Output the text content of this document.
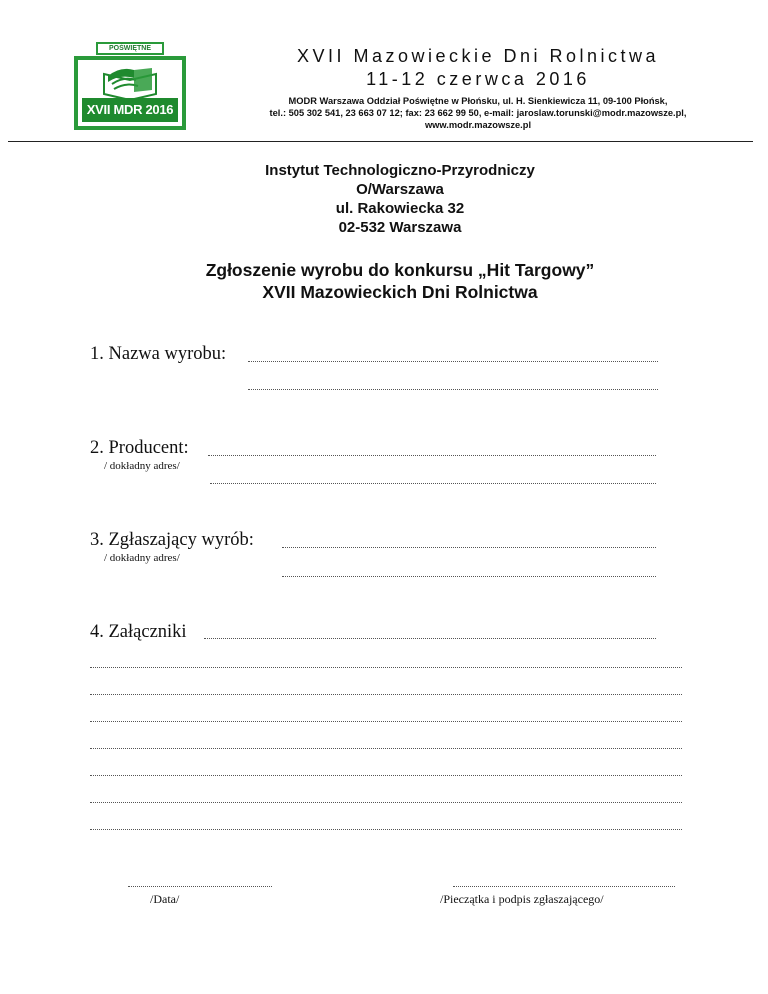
POŚWIĘTNE
XVII MDR 2016
XVII Mazowieckie Dni Rolnictwa
11-12 czerwca 2016
MODR Warszawa Oddział Poświętne w Płońsku, ul. H. Sienkiewicza 11, 09-100 Płońsk,
tel.: 505 302 541, 23 663 07 12; fax: 23 662 99 50, e-mail: jaroslaw.torunski@modr.mazowsze.pl,
www.modr.mazowsze.pl
Instytut Technologiczno-Przyrodniczy
O/Warszawa
ul. Rakowiecka 32
02-532 Warszawa
Zgłoszenie wyrobu do konkursu „Hit Targowy”
XVII Mazowieckich Dni Rolnictwa
1. Nazwa wyrobu:
2. Producent:
/ dokładny adres/
3. Zgłaszający wyrób:
/ dokładny adres/
4. Załączniki
/Data/	/Pieczątka i podpis zgłaszającego/
